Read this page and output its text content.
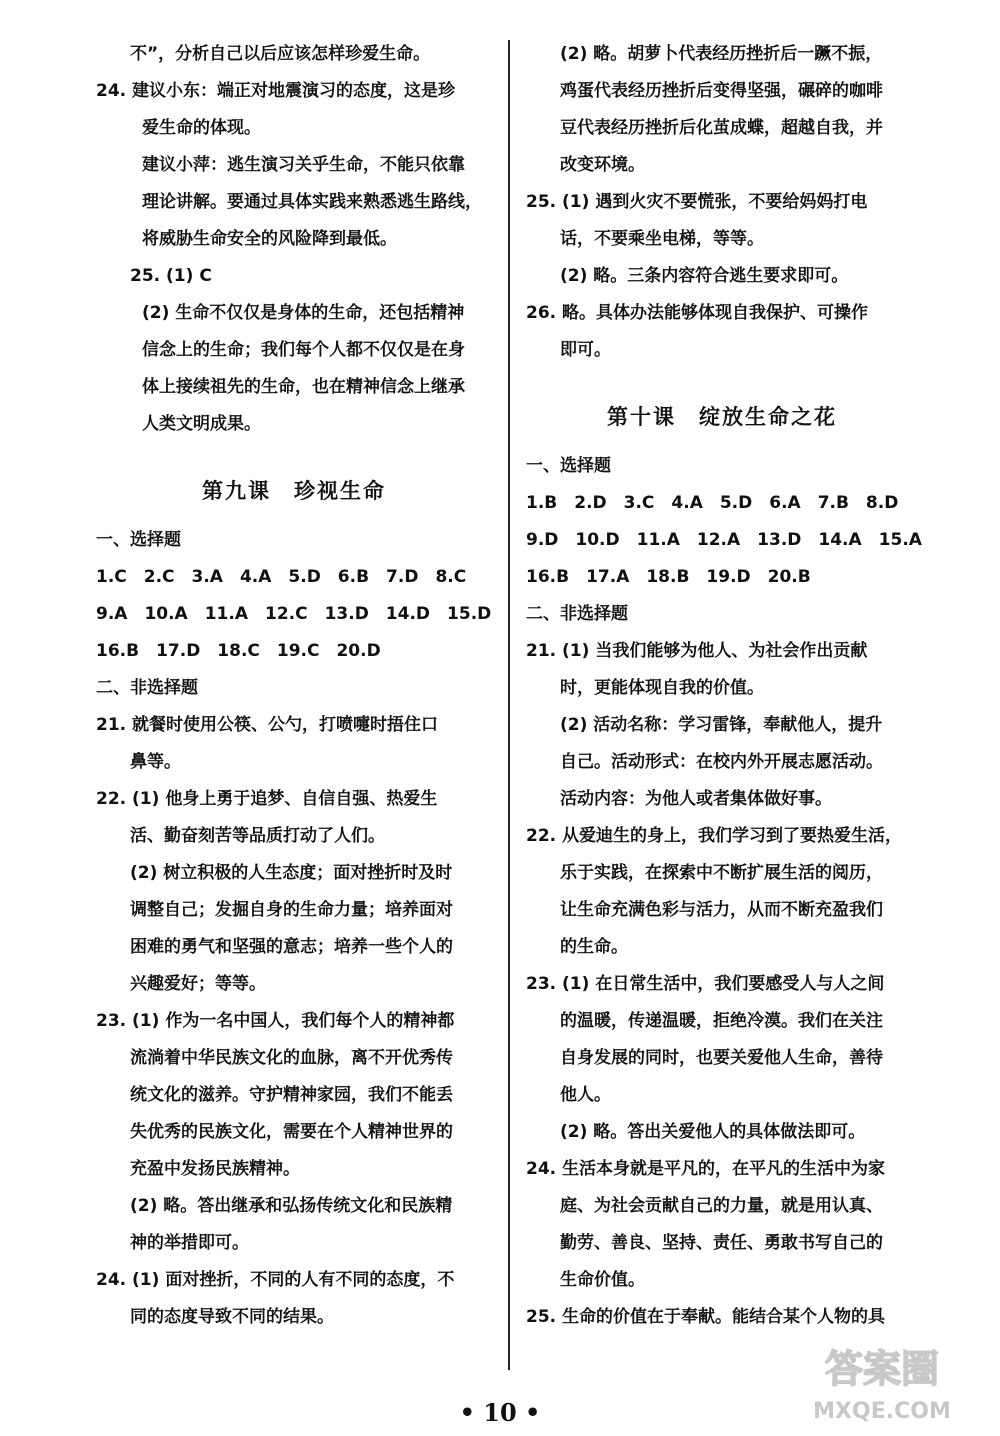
不”，分析自己以后应该怎样珍爱生命。

24. 建议小东：端正对地震演习的态度，这是珍

爱生命的体现。

建议小萍：逃生演习关乎生命，不能只依靠

理论讲解。要通过具体实践来熟悉逃生路线，

将威胁生命安全的风险降到最低。

25. (1) C

(2) 生命不仅仅是身体的生命，还包括精神

信念上的生命；我们每个人都不仅仅是在身

体上接续祖先的生命，也在精神信念上继承

人类文明成果。

第九课　珍视生命

一、选择题

1.C　2.C　3.A　4.A　5.D　6.B　7.D　8.C

9.A　10.A　11.A　12.C　13.D　14.D　15.D

16.B　17.D　18.C　19.C　20.D

二、非选择题

21. 就餐时使用公筷、公勺，打喷嚏时捂住口

鼻等。

22. (1) 他身上勇于追梦、自信自强、热爱生

活、勤奋刻苦等品质打动了人们。

(2) 树立积极的人生态度；面对挫折时及时

调整自己；发掘自身的生命力量；培养面对

困难的勇气和坚强的意志；培养一些个人的

兴趣爱好；等等。

23. (1) 作为一名中国人，我们每个人的精神都

流淌着中华民族文化的血脉，离不开优秀传

统文化的滋养。守护精神家园，我们不能丢

失优秀的民族文化，需要在个人精神世界的

充盈中发扬民族精神。

(2) 略。答出继承和弘扬传统文化和民族精

神的举措即可。

24. (1) 面对挫折，不同的人有不同的态度，不

同的态度导致不同的结果。

(2) 略。胡萝卜代表经历挫折后一蹶不振，

鸡蛋代表经历挫折后变得坚强，碾碎的咖啡

豆代表经历挫折后化茧成蝶，超越自我，并

改变环境。

25. (1) 遇到火灾不要慌张，不要给妈妈打电

话，不要乘坐电梯，等等。

(2) 略。三条内容符合逃生要求即可。

26. 略。具体办法能够体现自我保护、可操作

即可。

第十课　绽放生命之花

一、选择题

1.B　2.D　3.C　4.A　5.D　6.A　7.B　8.D

9.D　10.D　11.A　12.A　13.D　14.A　15.A

16.B　17.A　18.B　19.D　20.B

二、非选择题

21. (1) 当我们能够为他人、为社会作出贡献

时，更能体现自我的价值。

(2) 活动名称：学习雷锋，奉献他人，提升

自己。活动形式：在校内外开展志愿活动。

活动内容：为他人或者集体做好事。

22. 从爱迪生的身上，我们学习到了要热爱生活，

乐于实践，在探索中不断扩展生活的阅历，

让生命充满色彩与活力，从而不断充盈我们

的生命。

23. (1) 在日常生活中，我们要感受人与人之间

的温暖，传递温暖，拒绝冷漠。我们在关注

自身发展的同时，也要关爱他人生命，善待

他人。

(2) 略。答出关爱他人的具体做法即可。

24. 生活本身就是平凡的，在平凡的生活中为家

庭、为社会贡献自己的力量，就是用认真、

勤劳、善良、坚持、责任、勇敢书写自己的

生命价值。

25. 生命的价值在于奉献。能结合某个人物的具

• 10 •
答案圈
MXQE.COM
